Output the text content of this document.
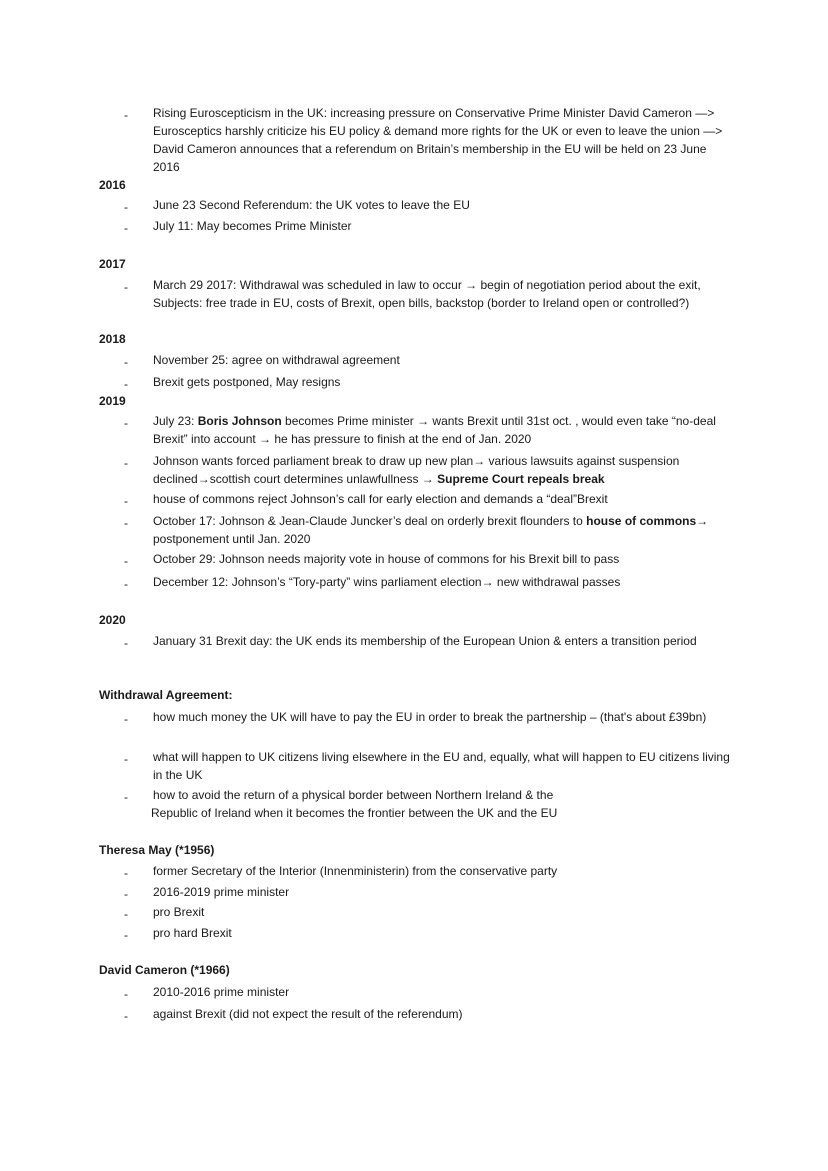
- Rising Euroscepticism in the UK: increasing pressure on Conservative Prime Minister David Cameron —> Eurosceptics harshly criticize his EU policy & demand more rights for the UK or even to leave the union —> David Cameron announces that a referendum on Britain’s membership in the EU will be held on 23 June 2016
2016
- June 23 Second Referendum: the UK votes to leave the EU
- July 11: May becomes Prime Minister
2017
- March 29 2017: Withdrawal was scheduled in law to occur → begin of negotiation period about the exit, Subjects: free trade in EU, costs of Brexit, open bills, backstop (border to Ireland open or controlled?)
2018
- November 25: agree on withdrawal agreement
- Brexit gets postponed, May resigns
2019
- July 23: Boris Johnson becomes Prime minister → wants Brexit until 31st oct. , would even take “no-deal Brexit” into account → he has pressure to finish at the end of Jan. 2020
- Johnson wants forced parliament break to draw up new plan→ various lawsuits against suspension declined→scottish court determines unlawfullness → Supreme Court repeals break
- house of commons reject Johnson’s call for early election and demands a “deal”Brexit
- October 17: Johnson & Jean-Claude Juncker’s deal on orderly brexit flounders to house of commons→ postponement until Jan. 2020
- October 29: Johnson needs majority vote in house of commons for his Brexit bill to pass
- December 12: Johnson’s “Tory-party” wins parliament election→ new withdrawal passes
2020
- January 31 Brexit day: the UK ends its membership of the European Union & enters a transition period
Withdrawal Agreement:
- how much money the UK will have to pay the EU in order to break the partnership – (that's about £39bn)
- what will happen to UK citizens living elsewhere in the EU and, equally, what will happen to EU citizens living in the UK
- how to avoid the return of a physical border between Northern Ireland & the
Republic of Ireland when it becomes the frontier between the UK and the EU
Theresa May (*1956)
- former Secretary of the Interior (Innenministerin) from the conservative party
- 2016-2019 prime minister
- pro Brexit
- pro hard Brexit
David Cameron (*1966)
- 2010-2016 prime minister
- against Brexit (did not expect the result of the referendum)
